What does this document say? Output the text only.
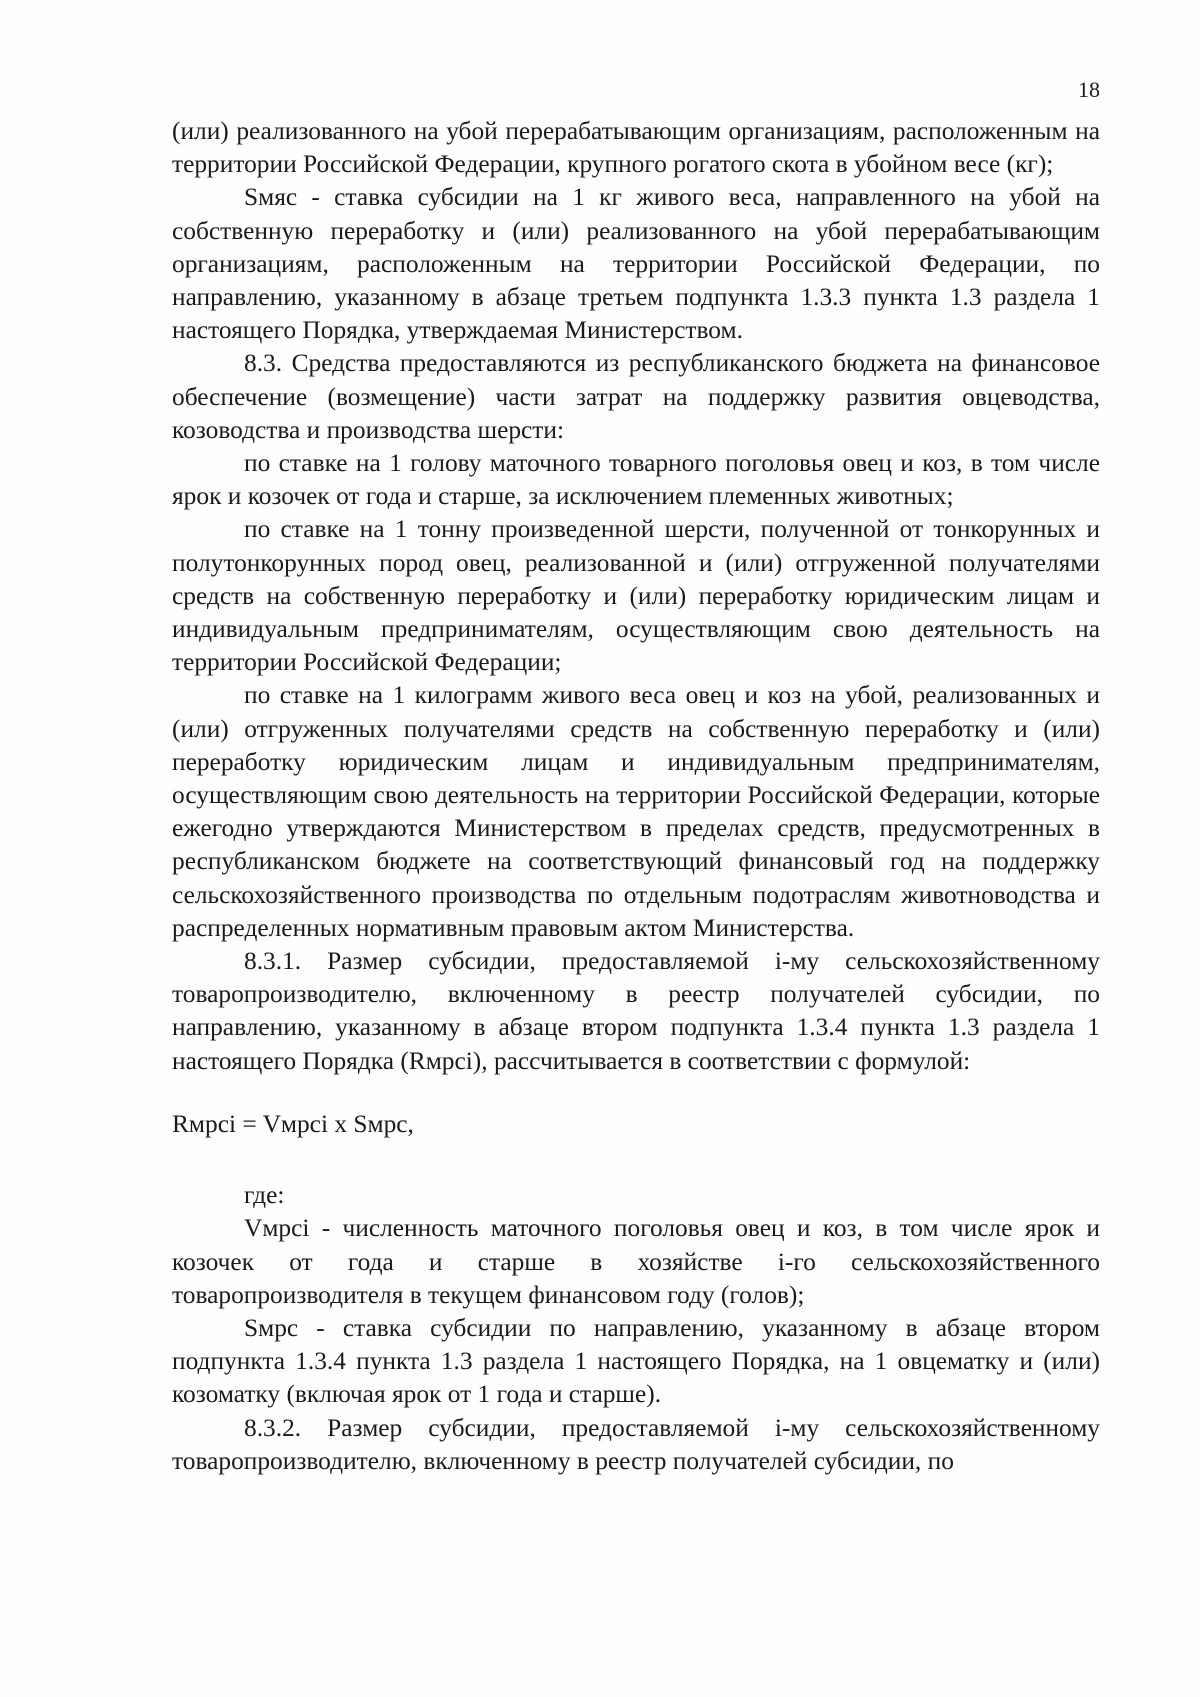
18

(или) реализованного на убой перерабатывающим организациям, расположенным на территории Российской Федерации, крупного рогатого скота в убойном весе (кг);

Sмяс - ставка субсидии на 1 кг живого веса, направленного на убой на собственную переработку и (или) реализованного на убой перерабатывающим организациям, расположенным на территории Российской Федерации, по направлению, указанному в абзаце третьем подпункта 1.3.3 пункта 1.3 раздела 1 настоящего Порядка, утверждаемая Министерством.

8.3. Средства предоставляются из республиканского бюджета на финансовое обеспечение (возмещение) части затрат на поддержку развития овцеводства, козоводства и производства шерсти:

по ставке на 1 голову маточного товарного поголовья овец и коз, в том числе ярок и козочек от года и старше, за исключением племенных животных;

по ставке на 1 тонну произведенной шерсти, полученной от тонкорунных и полутонкорунных пород овец, реализованной и (или) отгруженной получателями средств на собственную переработку и (или) переработку юридическим лицам и индивидуальным предпринимателям, осуществляющим свою деятельность на территории Российской Федерации;

по ставке на 1 килограмм живого веса овец и коз на убой, реализованных и (или) отгруженных получателями средств на собственную переработку и (или) переработку юридическим лицам и индивидуальным предпринимателям, осуществляющим свою деятельность на территории Российской Федерации, которые ежегодно утверждаются Министерством в пределах средств, предусмотренных в республиканском бюджете на соответствующий финансовый год на поддержку сельскохозяйственного производства по отдельным подотраслям животноводства и распределенных нормативным правовым актом Министерства.

8.3.1. Размер субсидии, предоставляемой i-му сельскохозяйственному товаропроизводителю, включенному в реестр получателей субсидии, по направлению, указанному в абзаце втором подпункта 1.3.4 пункта 1.3 раздела 1 настоящего Порядка (Rмрсi), рассчитывается в соответствии с формулой:

Rмрсi = Vмрсi x Sмрс,

где:

Vмрсi - численность маточного поголовья овец и коз, в том числе ярок и козочек от года и старше в хозяйстве i-го сельскохозяйственного товаропроизводителя в текущем финансовом году (голов);

Sмрс - ставка субсидии по направлению, указанному в абзаце втором подпункта 1.3.4 пункта 1.3 раздела 1 настоящего Порядка, на 1 овцематку и (или) козоматку (включая ярок от 1 года и старше).

8.3.2. Размер субсидии, предоставляемой i-му сельскохозяйственному товаропроизводителю, включенному в реестр получателей субсидии, по
